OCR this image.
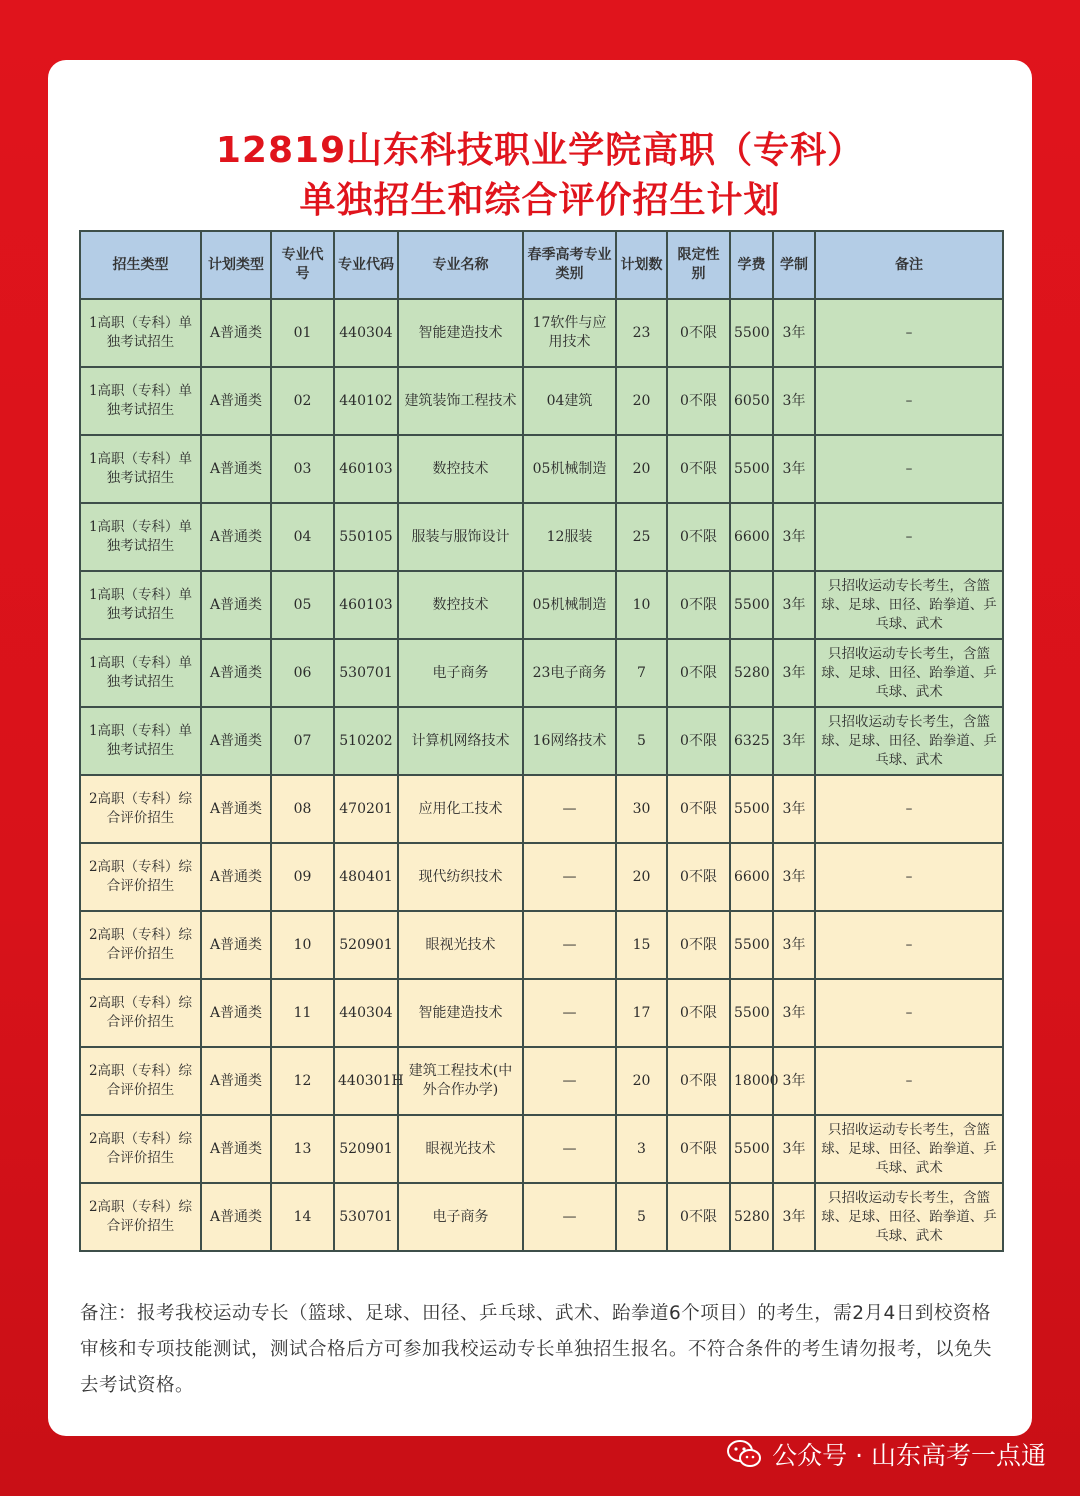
12819山东科技职业学院高职（专科）
单独招生和综合评价招生计划
招生类型	计划类型	专业代号	专业代码	专业名称	春季高考专业类别	计划数	限定性别	学费	学制	备注
1高职（专科）单独考试招生	A普通类	01	440304	智能建造技术	17软件与应用技术	23	0不限	5500	3年	–
1高职（专科）单独考试招生	A普通类	02	440102	建筑装饰工程技术	04建筑	20	0不限	6050	3年	–
1高职（专科）单独考试招生	A普通类	03	460103	数控技术	05机械制造	20	0不限	5500	3年	–
1高职（专科）单独考试招生	A普通类	04	550105	服装与服饰设计	12服装	25	0不限	6600	3年	–
1高职（专科）单独考试招生	A普通类	05	460103	数控技术	05机械制造	10	0不限	5500	3年	只招收运动专长考生，含篮球、足球、田径、跆拳道、乒乓球、武术
1高职（专科）单独考试招生	A普通类	06	530701	电子商务	23电子商务	7	0不限	5280	3年	只招收运动专长考生，含篮球、足球、田径、跆拳道、乒乓球、武术
1高职（专科）单独考试招生	A普通类	07	510202	计算机网络技术	16网络技术	5	0不限	6325	3年	只招收运动专长考生，含篮球、足球、田径、跆拳道、乒乓球、武术
2高职（专科）综合评价招生	A普通类	08	470201	应用化工技术	—	30	0不限	5500	3年	–
2高职（专科）综合评价招生	A普通类	09	480401	现代纺织技术	—	20	0不限	6600	3年	–
2高职（专科）综合评价招生	A普通类	10	520901	眼视光技术	—	15	0不限	5500	3年	–
2高职（专科）综合评价招生	A普通类	11	440304	智能建造技术	—	17	0不限	5500	3年	–
2高职（专科）综合评价招生	A普通类	12	440301H	建筑工程技术(中外合作办学)	—	20	0不限	18000	3年	–
2高职（专科）综合评价招生	A普通类	13	520901	眼视光技术	—	3	0不限	5500	3年	只招收运动专长考生，含篮球、足球、田径、跆拳道、乒乓球、武术
2高职（专科）综合评价招生	A普通类	14	530701	电子商务	—	5	0不限	5280	3年	只招收运动专长考生，含篮球、足球、田径、跆拳道、乒乓球、武术
备注：报考我校运动专长（篮球、足球、田径、乒乓球、武术、跆拳道6个项目）的考生，需2月4日到校资格审核和专项技能测试，测试合格后方可参加我校运动专长单独招生报名。不符合条件的考生请勿报考，以免失去考试资格。
公众号 · 山东高考一点通
